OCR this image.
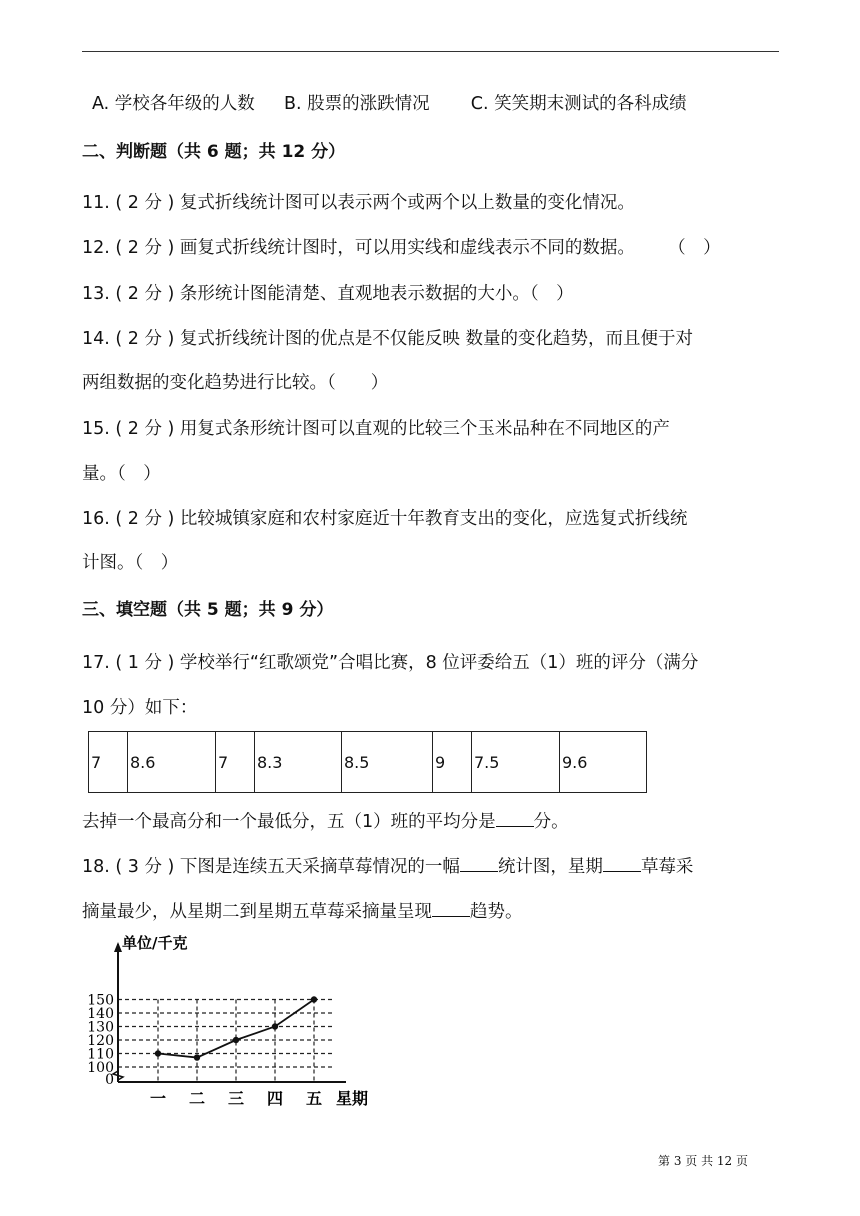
A. 学校各年级的人数 B. 股票的涨跌情况 C. 笑笑期末测试的各科成绩
二、判断题（共 6 题；共 12 分）
11. ( 2 分 ) 复式折线统计图可以表示两个或两个以上数量的变化情况。
12. ( 2 分 ) 画复式折线统计图时，可以用实线和虚线表示不同的数据。 （　）
13. ( 2 分 ) 条形统计图能清楚、直观地表示数据的大小。（　）
14. ( 2 分 ) 复式折线统计图的优点是不仅能反映 数量的变化趋势，而且便于对
两组数据的变化趋势进行比较。（　　）
15. ( 2 分 ) 用复式条形统计图可以直观的比较三个玉米品种在不同地区的产
量。（　）
16. ( 2 分 ) 比较城镇家庭和农村家庭近十年教育支出的变化，应选复式折线统
计图。（　）
三、填空题（共 5 题；共 9 分）
17. ( 1 分 ) 学校举行“红歌颂党”合唱比赛，8 位评委给五（1）班的评分（满分
10 分）如下：
7	8.6	7	8.3	8.5	9	7.5	9.6
去掉一个最高分和一个最低分，五（1）班的平均分是 分。
18. ( 3 分 ) 下图是连续五天采摘草莓情况的一幅 统计图，星期 草莓采
摘量最少，从星期二到星期五草莓采摘量呈现 趋势。
0
100
110
120
130
140
150
一 二 三 四 五
单位/千克
星期
第 3 页 共 12 页
